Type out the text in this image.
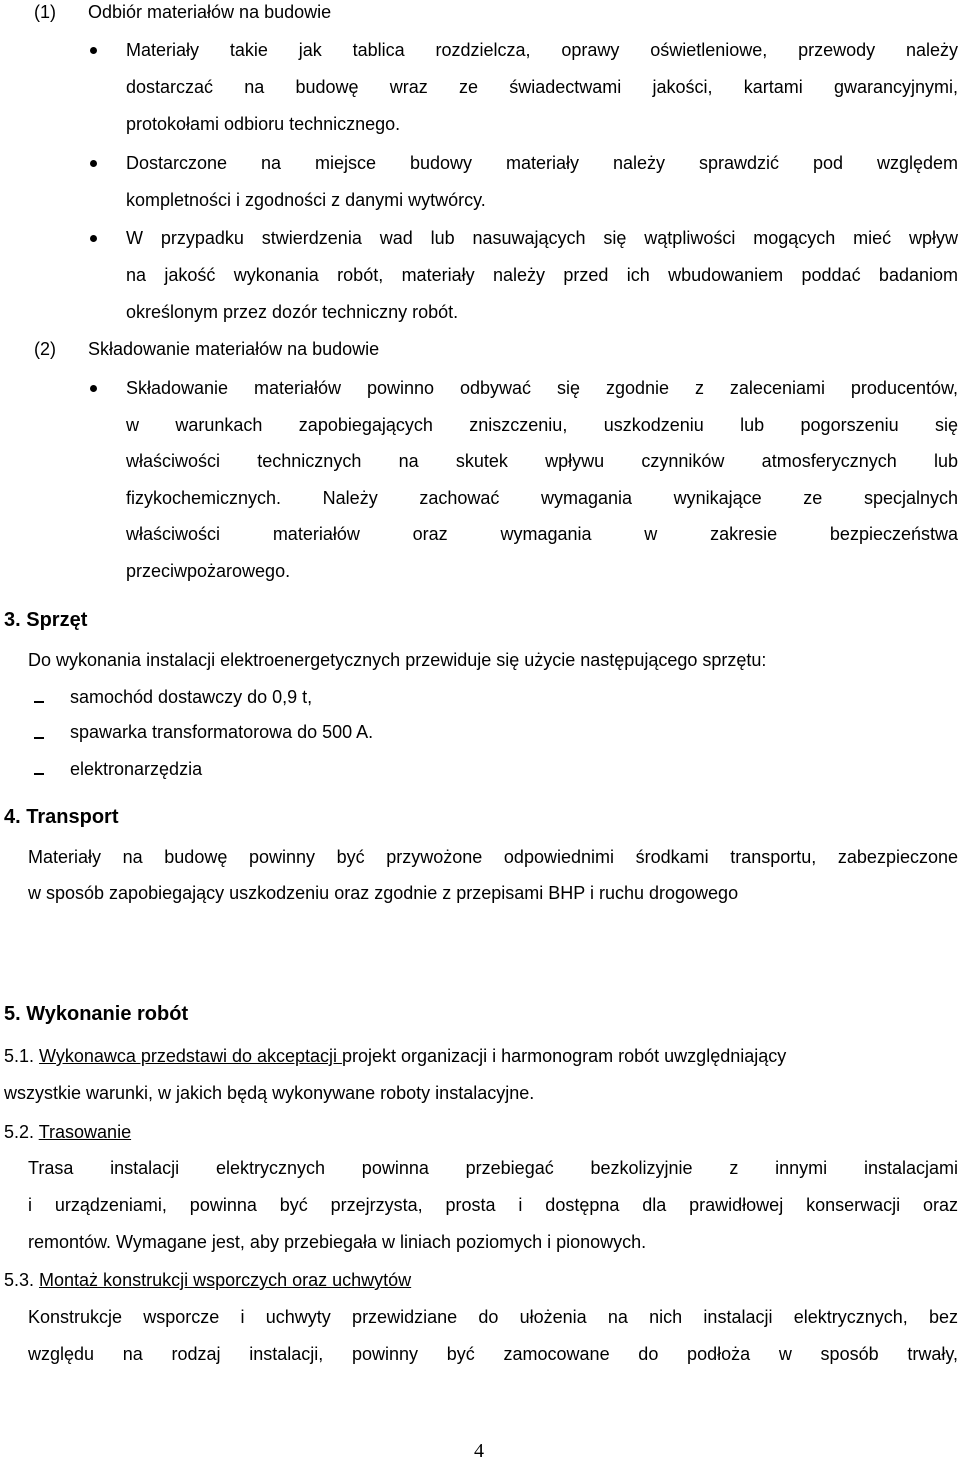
(1) Odbiór materiałów na budowie
Materiały takie jak tablica rozdzielcza, oprawy oświetleniowe, przewody należy
dostarczać na budowę wraz ze świadectwami jakości, kartami gwarancyjnymi,
protokołami odbioru technicznego.
Dostarczone na miejsce budowy materiały należy sprawdzić pod względem
kompletności i zgodności z danymi wytwórcy.
W przypadku stwierdzenia wad lub nasuwających się wątpliwości mogących mieć wpływ
na jakość wykonania robót, materiały należy przed ich wbudowaniem poddać badaniom
określonym przez dozór techniczny robót.
(2) Składowanie materiałów na budowie
Składowanie materiałów powinno odbywać się zgodnie z zaleceniami producentów,
w warunkach zapobiegających zniszczeniu, uszkodzeniu lub pogorszeniu się
właściwości technicznych na skutek wpływu czynników atmosferycznych lub
fizykochemicznych. Należy zachować wymagania wynikające ze specjalnych
właściwości materiałów oraz wymagania w zakresie bezpieczeństwa
przeciwpożarowego.
3. Sprzęt
Do wykonania instalacji elektroenergetycznych przewiduje się użycie następującego sprzętu:
samochód dostawczy do 0,9 t,
spawarka transformatorowa do 500 A.
elektronarzędzia
4. Transport
Materiały na budowę powinny być przywożone odpowiednimi środkami transportu, zabezpieczone
w sposób zapobiegający uszkodzeniu oraz zgodnie z przepisami BHP i ruchu drogowego
5. Wykonanie robót
5.1. Wykonawca przedstawi do akceptacji projekt organizacji i harmonogram robót uwzględniający
wszystkie warunki, w jakich będą wykonywane roboty instalacyjne.
5.2. Trasowanie
Trasa instalacji elektrycznych powinna przebiegać bezkolizyjnie z innymi instalacjami
i urządzeniami, powinna być przejrzysta, prosta i dostępna dla prawidłowej konserwacji oraz
remontów. Wymagane jest, aby przebiegała w liniach poziomych i pionowych.
5.3. Montaż konstrukcji wsporczych oraz uchwytów
Konstrukcje wsporcze i uchwyty przewidziane do ułożenia na nich instalacji elektrycznych, bez
względu na rodzaj instalacji, powinny być zamocowane do podłoża w sposób trwały,
4
